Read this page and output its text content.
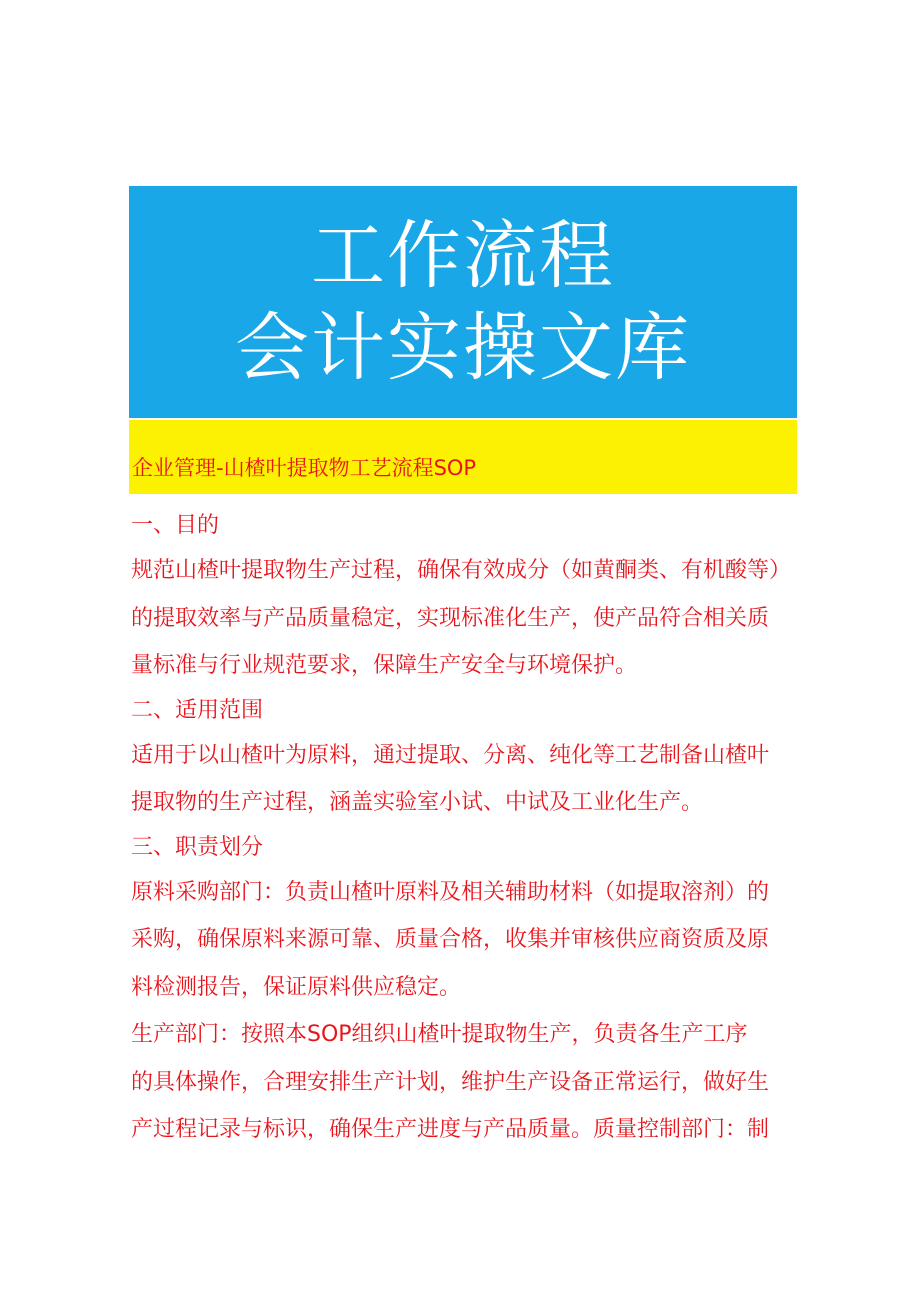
工作流程
会计实操文库
企业管理-山楂叶提取物工艺流程SOP
一、目的
规范山楂叶提取物生产过程，确保有效成分（如黄酮类、有机酸等）
的提取效率与产品质量稳定，实现标准化生产，使产品符合相关质
量标准与行业规范要求，保障生产安全与环境保护。
二、适用范围
适用于以山楂叶为原料，通过提取、分离、纯化等工艺制备山楂叶
提取物的生产过程，涵盖实验室小试、中试及工业化生产。
三、职责划分
原料采购部门：负责山楂叶原料及相关辅助材料（如提取溶剂）的
采购，确保原料来源可靠、质量合格，收集并审核供应商资质及原
料检测报告，保证原料供应稳定。
生产部门：按照本SOP组织山楂叶提取物生产，负责各生产工序
的具体操作，合理安排生产计划，维护生产设备正常运行，做好生
产过程记录与标识，确保生产进度与产品质量。质量控制部门：制
